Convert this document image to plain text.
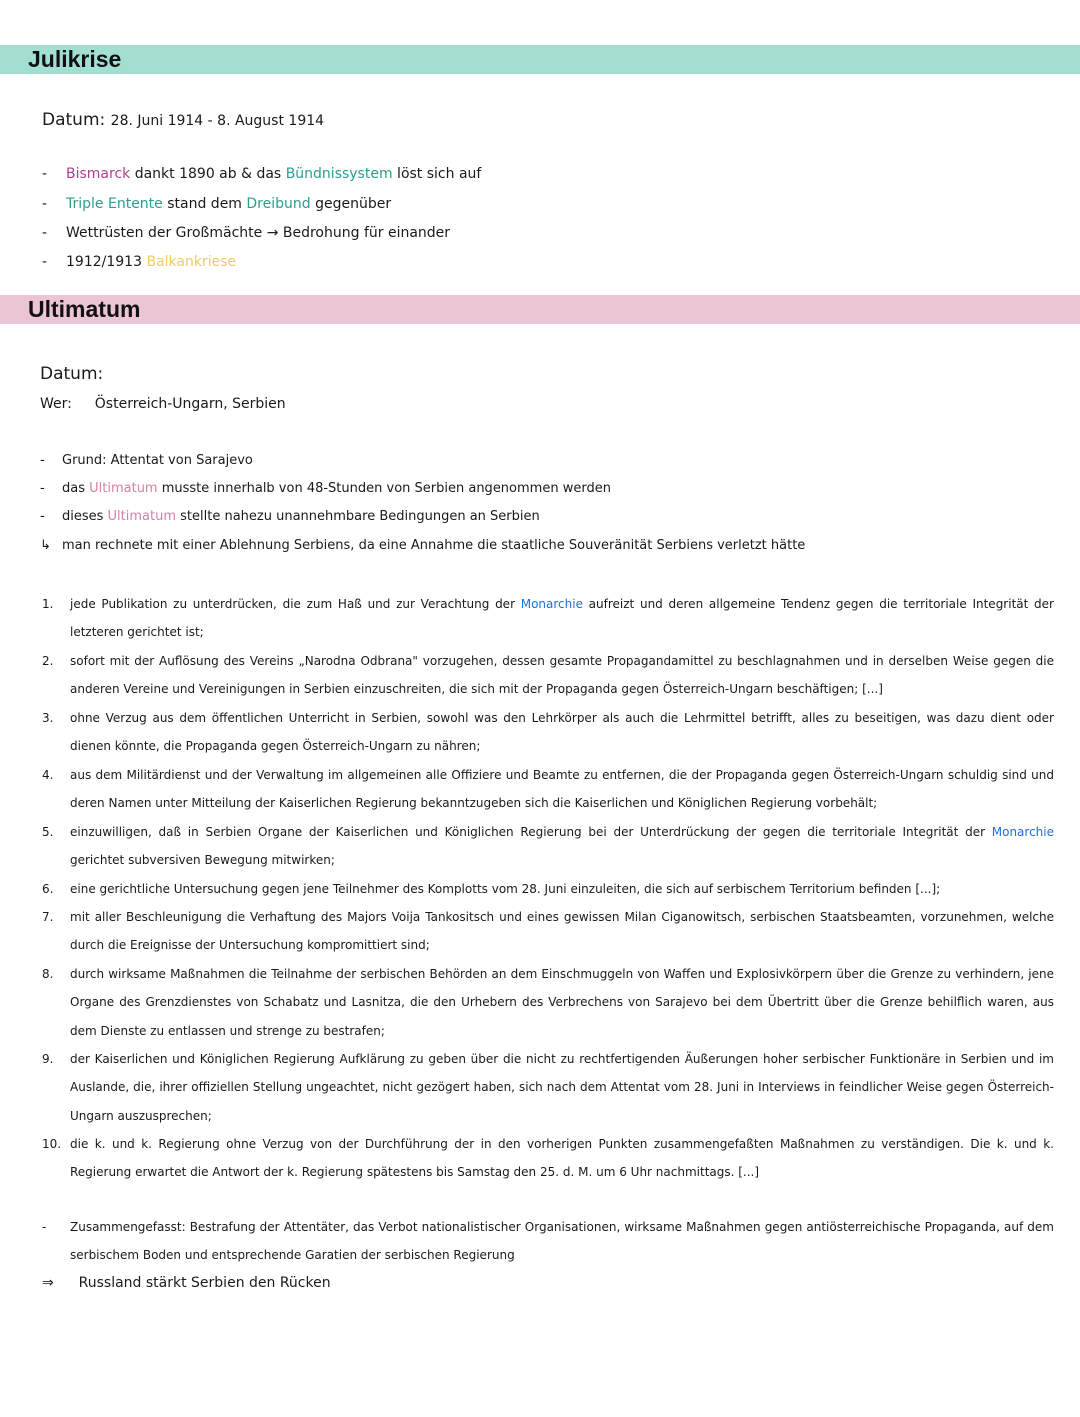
Julikrise
Datum: 28. Juni 1914 - 8. August 1914
- Bismarck dankt 1890 ab & das Bündnissystem löst sich auf
- Triple Entente stand dem Dreibund gegenüber
- Wettrüsten der Großmächte → Bedrohung für einander
- 1912/1913 Balkankriese
Ultimatum
Datum:
Wer: Österreich-Ungarn, Serbien
- Grund: Attentat von Sarajevo
- das Ultimatum musste innerhalb von 48-Stunden von Serbien angenommen werden
- dieses Ultimatum stellte nahezu unannehmbare Bedingungen an Serbien
↳ man rechnete mit einer Ablehnung Serbiens, da eine Annahme die staatliche Souveränität Serbiens verletzt hätte
1.	jede Publikation zu unterdrücken, die zum Haß und zur Verachtung der Monarchie aufreizt und deren allgemeine Tendenz gegen die territoriale Integrität der letzteren gerichtet ist;
2.	sofort mit der Auflösung des Vereins „Narodna Odbrana" vorzugehen, dessen gesamte Propagandamittel zu beschlagnahmen und in derselben Weise gegen die anderen Vereine und Vereinigungen in Serbien einzuschreiten, die sich mit der Propaganda gegen Österreich-Ungarn beschäftigen; [...]
3.	ohne Verzug aus dem öffentlichen Unterricht in Serbien, sowohl was den Lehrkörper als auch die Lehrmittel betrifft, alles zu beseitigen, was dazu dient oder dienen könnte, die Propaganda gegen Österreich-Ungarn zu nähren;
4.	aus dem Militärdienst und der Verwaltung im allgemeinen alle Offiziere und Beamte zu entfernen, die der Propaganda gegen Österreich-Ungarn schuldig sind und deren Namen unter Mitteilung der Kaiserlichen Regierung bekanntzugeben sich die Kaiserlichen und Königlichen Regierung vorbehält;
5.	einzuwilligen, daß in Serbien Organe der Kaiserlichen und Königlichen Regierung bei der Unterdrückung der gegen die territoriale Integrität der Monarchie gerichtet subversiven Bewegung mitwirken;
6.	eine gerichtliche Untersuchung gegen jene Teilnehmer des Komplotts vom 28. Juni einzuleiten, die sich auf serbischem Territorium befinden [...];
7.	mit aller Beschleunigung die Verhaftung des Majors Voija Tankositsch und eines gewissen Milan Ciganowitsch, serbischen Staatsbeamten, vorzunehmen, welche durch die Ereignisse der Untersuchung kompromittiert sind;
8.	durch wirksame Maßnahmen die Teilnahme der serbischen Behörden an dem Einschmuggeln von Waffen und Explosivkörpern über die Grenze zu verhindern, jene Organe des Grenzdienstes von Schabatz und Lasnitza, die den Urhebern des Verbrechens von Sarajevo bei dem Übertritt über die Grenze behilflich waren, aus dem Dienste zu entlassen und strenge zu bestrafen;
9.	der Kaiserlichen und Königlichen Regierung Aufklärung zu geben über die nicht zu rechtfertigenden Äußerungen hoher serbischer Funktionäre in Serbien und im Auslande, die, ihrer offiziellen Stellung ungeachtet, nicht gezögert haben, sich nach dem Attentat vom 28. Juni in Interviews in feindlicher Weise gegen Österreich-Ungarn auszusprechen;
10. die k. und k. Regierung ohne Verzug von der Durchführung der in den vorherigen Punkten zusammengefaßten Maßnahmen zu verständigen. Die k. und k. Regierung erwartet die Antwort der k. Regierung spätestens bis Samstag den 25. d. M. um 6 Uhr nachmittags. [...]
-	Zusammengefasst: Bestrafung der Attentäter, das Verbot nationalistischer Organisationen, wirksame Maßnahmen gegen antiösterreichische Propaganda, auf dem serbischem Boden und entsprechende Garatien der serbischen Regierung
⇒ Russland stärkt Serbien den Rücken
